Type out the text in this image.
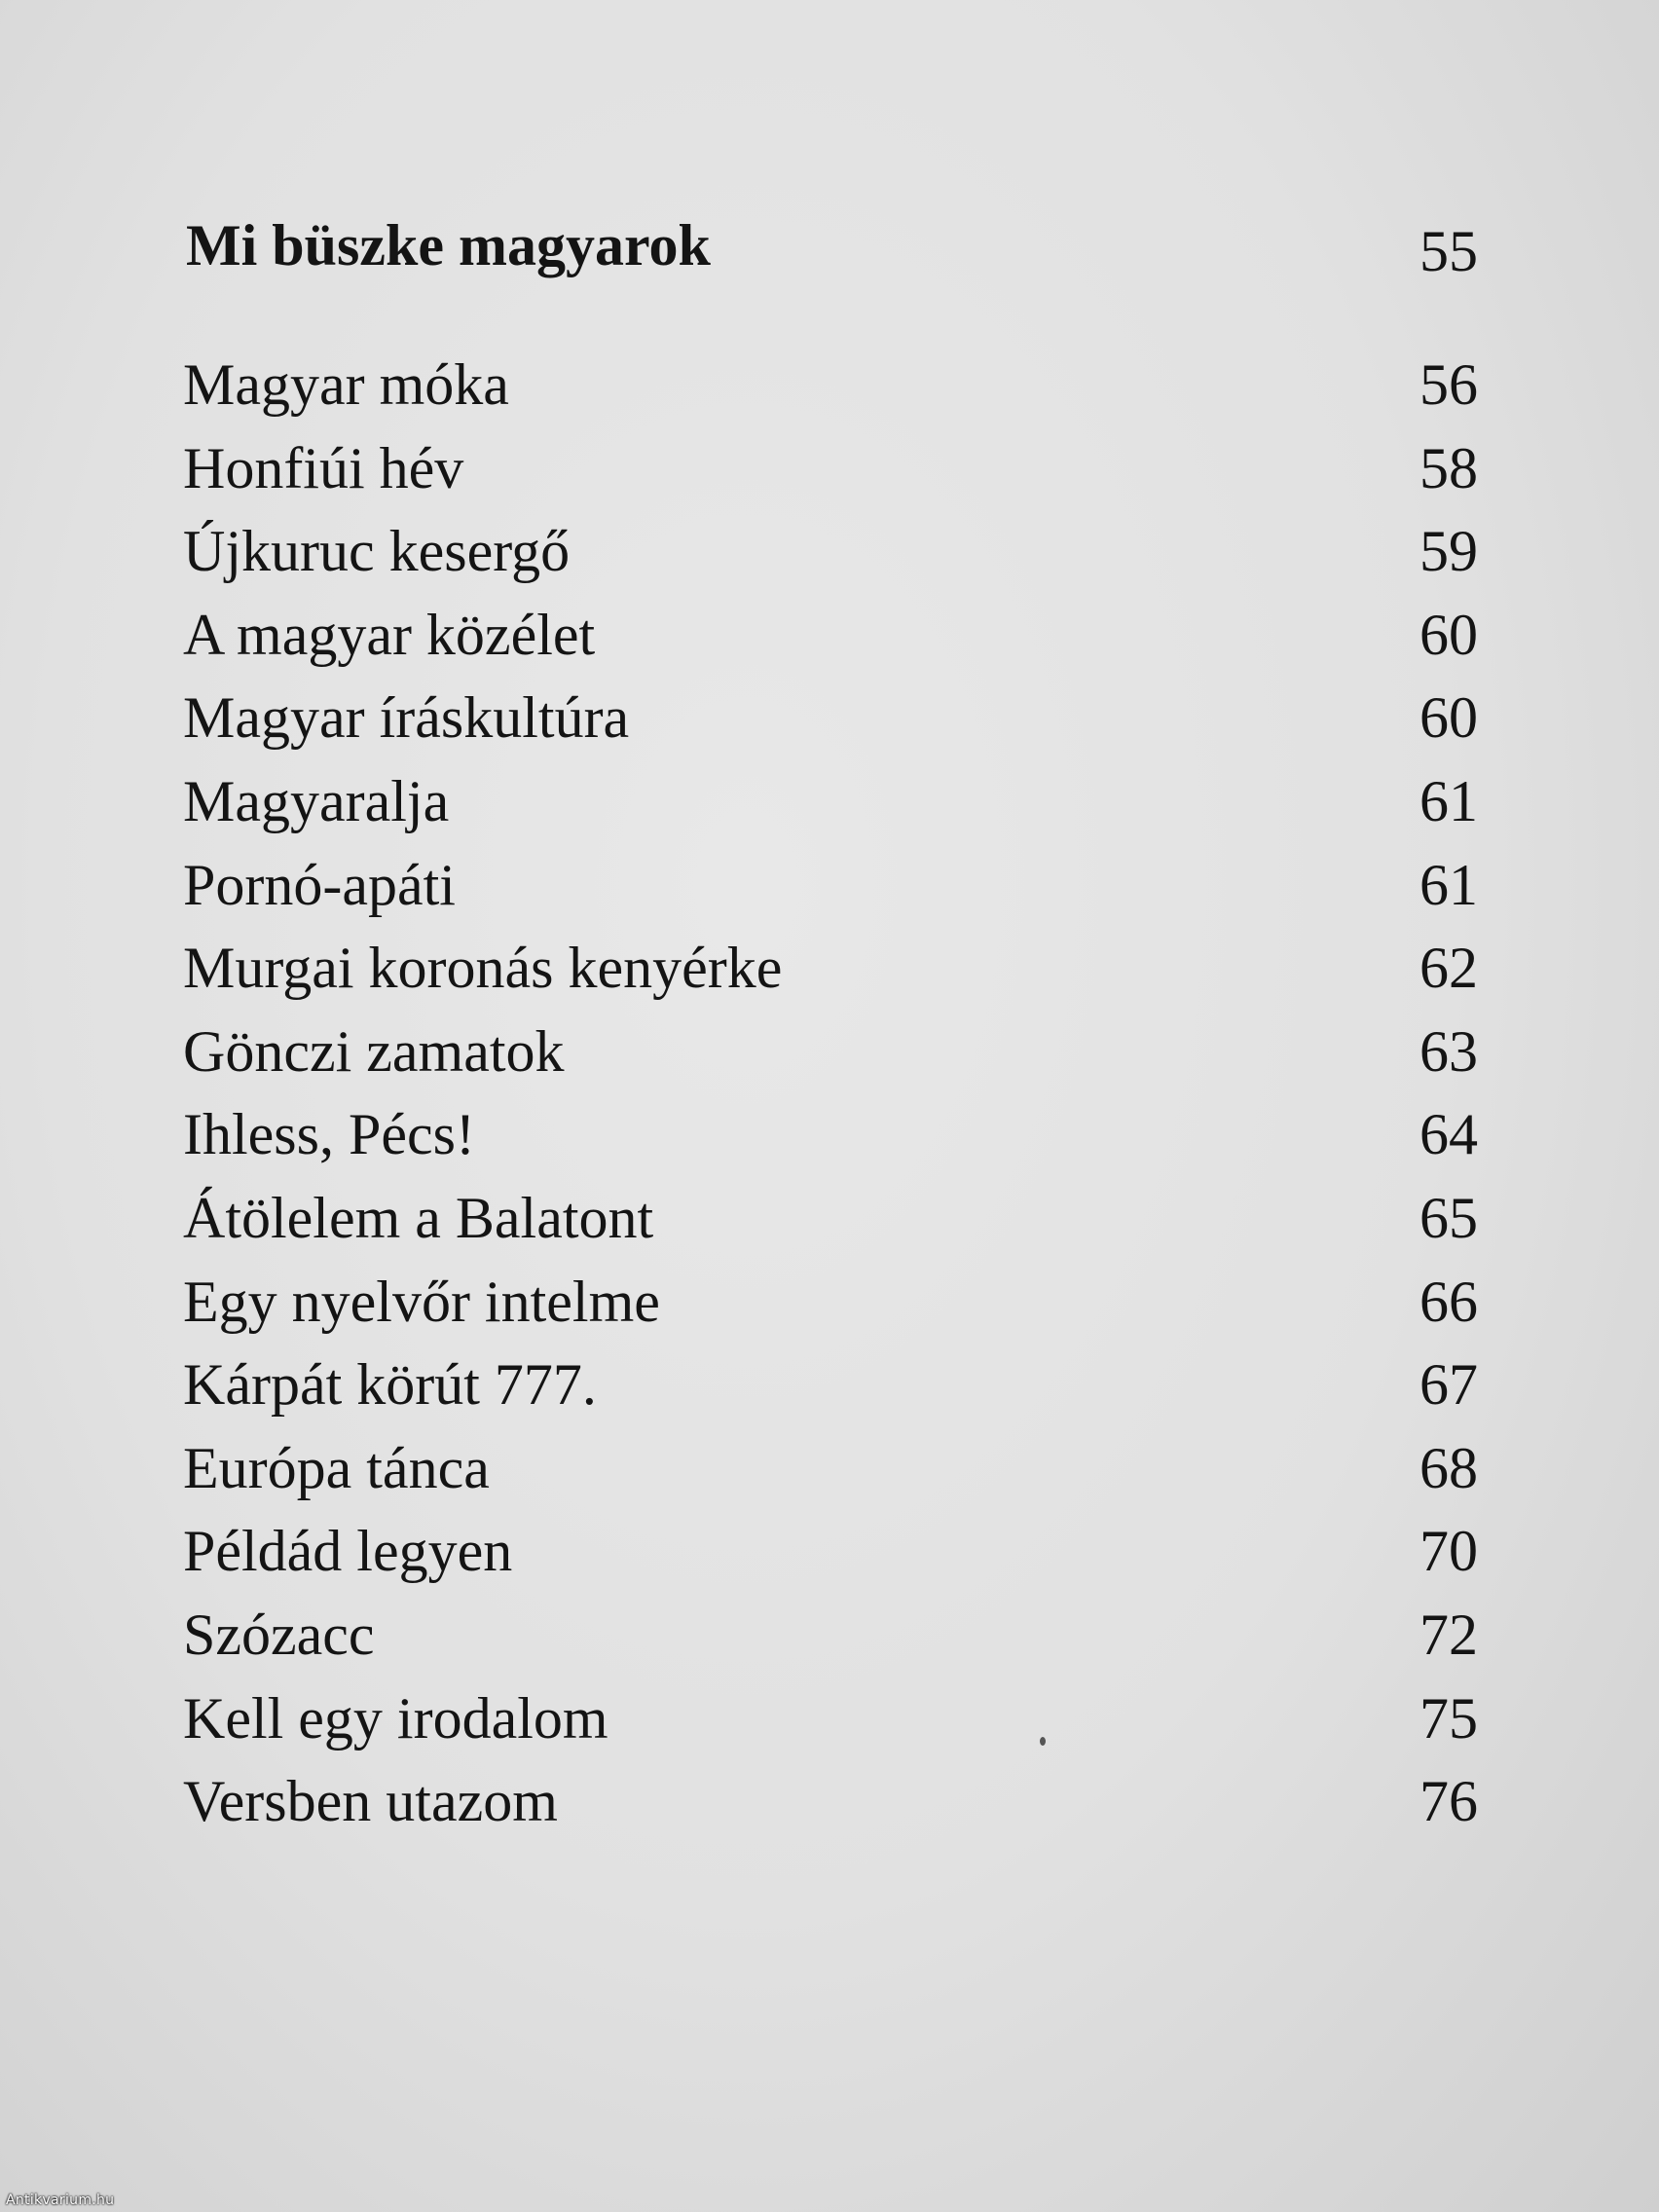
Mi büszke magyarok	55
Magyar móka	56
Honfiúi hév	58
Újkuruc kesergő	59
A magyar közélet	60
Magyar íráskultúra	60
Magyaralja	61
Pornó-apáti	61
Murgai koronás kenyérke	62
Gönczi zamatok	63
Ihless, Pécs!	64
Átölelem a Balatont	65
Egy nyelvőr intelme	66
Kárpát körút 777.	67
Európa tánca	68
Példád legyen	70
Szózacc	72
Kell egy irodalom	75
Versben utazom	76
Antikvarium.hu
